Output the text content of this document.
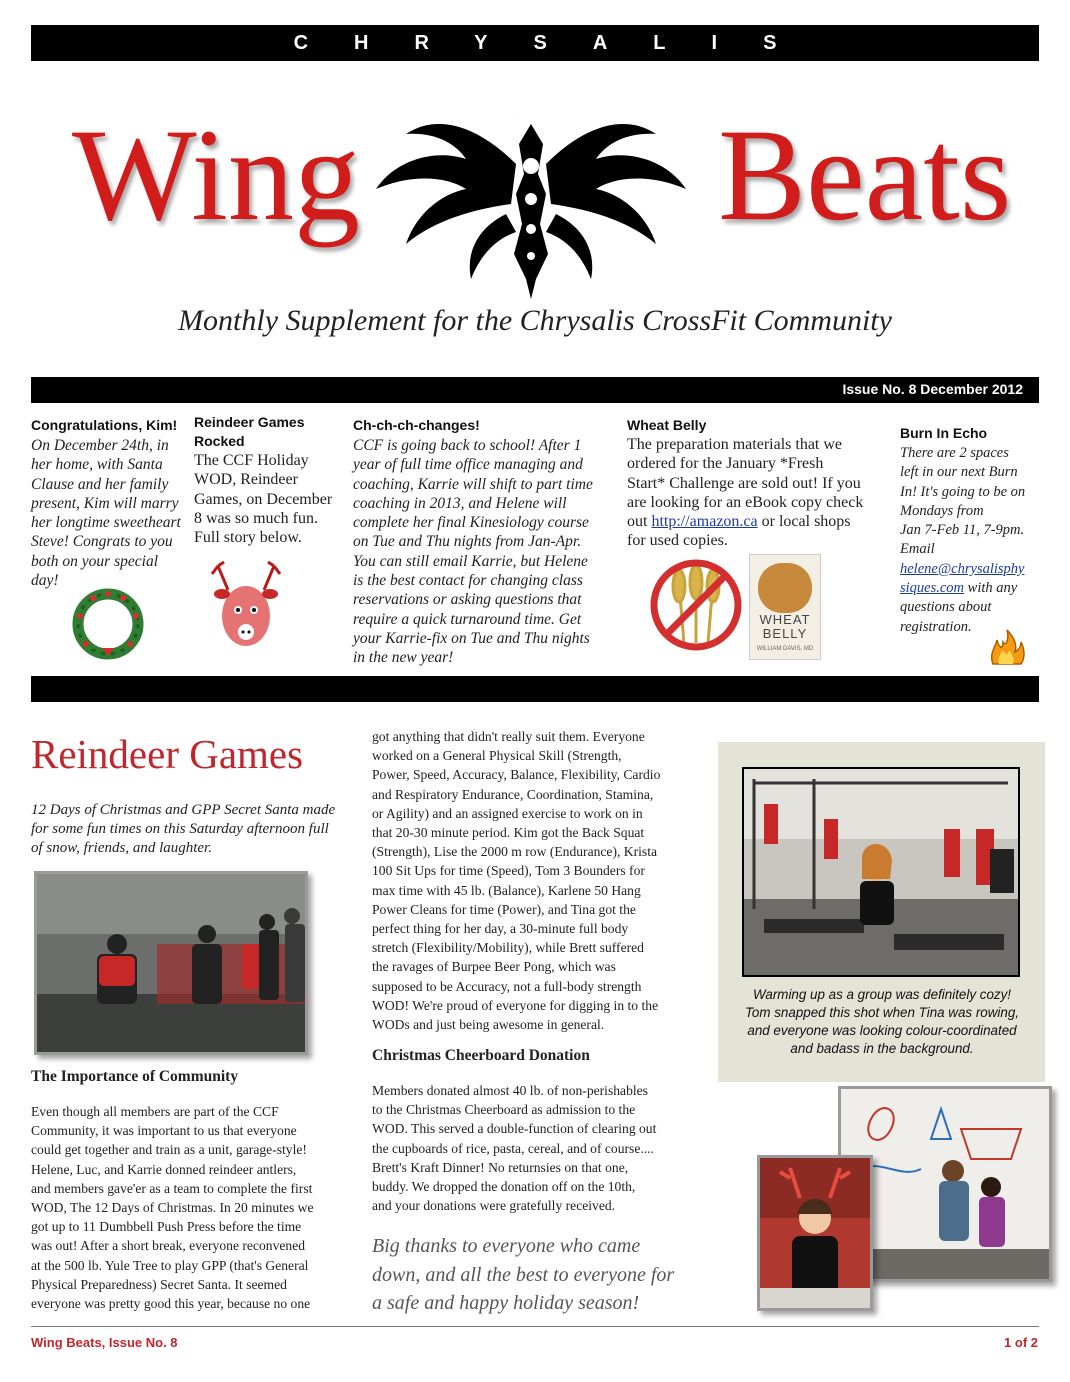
CHRYSALIS
Wing	Beats
Monthly Supplement for the Chrysalis CrossFit Community
Issue No. 8 December 2012
Congratulations, Kim!
On December 24th, in
her home, with Santa
Clause and her family
present, Kim will marry
her longtime sweetheart
Steve! Congrats to you
both on your special
day!
Reindeer Games
Rocked
The CCF Holiday
WOD, Reindeer
Games, on December
8 was so much fun.
Full story below.
Ch-ch-ch-changes!
CCF is going back to school! After 1
year of full time office managing and
coaching, Karrie will shift to part time
coaching in 2013, and Helene will
complete her final Kinesiology course
on Tue and Thu nights from Jan-Apr.
You can still email Karrie, but Helene
is the best contact for changing class
reservations or asking questions that
require a quick turnaround time. Get
your Karrie-fix on Tue and Thu nights
in the new year!
Wheat Belly
The preparation materials that we
ordered for the January *Fresh
Start* Challenge are sold out! If you
are looking for an eBook copy check
out http://amazon.ca or local shops
for used copies.
WHEAT
BELLY
WILLIAM DAVIS, MD
Burn In Echo
There are 2 spaces
left in our next Burn
In! It's going to be on
Mondays from
Jan 7-Feb 11, 7-9pm.
Email
helene@chrysalisphy
siques.com with any
questions about
registration.
Reindeer Games
12 Days of Christmas and GPP Secret Santa made
for some fun times on this Saturday afternoon full
of snow, friends, and laughter.
The Importance of Community
Even though all members are part of the CCF
Community, it was important to us that everyone
could get together and train as a unit, garage-style!
Helene, Luc, and Karrie donned reindeer antlers,
and members gave'er as a team to complete the first
WOD, The 12 Days of Christmas. In 20 minutes we
got up to 11 Dumbbell Push Press before the time
was out! After a short break, everyone reconvened
at the 500 lb. Yule Tree to play GPP (that's General
Physical Preparedness) Secret Santa. It seemed
everyone was pretty good this year, because no one
got anything that didn't really suit them. Everyone
worked on a General Physical Skill (Strength,
Power, Speed, Accuracy, Balance, Flexibility, Cardio
and Respiratory Endurance, Coordination, Stamina,
or Agility) and an assigned exercise to work on in
that 20-30 minute period. Kim got the Back Squat
(Strength), Lise the 2000 m row (Endurance), Krista
100 Sit Ups for time (Speed), Tom 3 Bounders for
max time with 45 lb. (Balance), Karlene 50 Hang
Power Cleans for time (Power), and Tina got the
perfect thing for her day, a 30-minute full body
stretch (Flexibility/Mobility), while Brett suffered
the ravages of Burpee Beer Pong, which was
supposed to be Accuracy, not a full-body strength
WOD! We're proud of everyone for digging in to the
WODs and just being awesome in general.
Christmas Cheerboard Donation
Members donated almost 40 lb. of non-perishables
to the Christmas Cheerboard as admission to the
WOD. This served a double-function of clearing out
the cupboards of rice, pasta, cereal, and of course....
Brett's Kraft Dinner! No returnsies on that one,
buddy. We dropped the donation off on the 10th,
and your donations were gratefully received.
Big thanks to everyone who came
down, and all the best to everyone for
a safe and happy holiday season!
Warming up as a group was definitely cozy!
Tom snapped this shot when Tina was rowing,
and everyone was looking colour-coordinated
and badass in the background.
Wing Beats, Issue No. 8	1 of 2
